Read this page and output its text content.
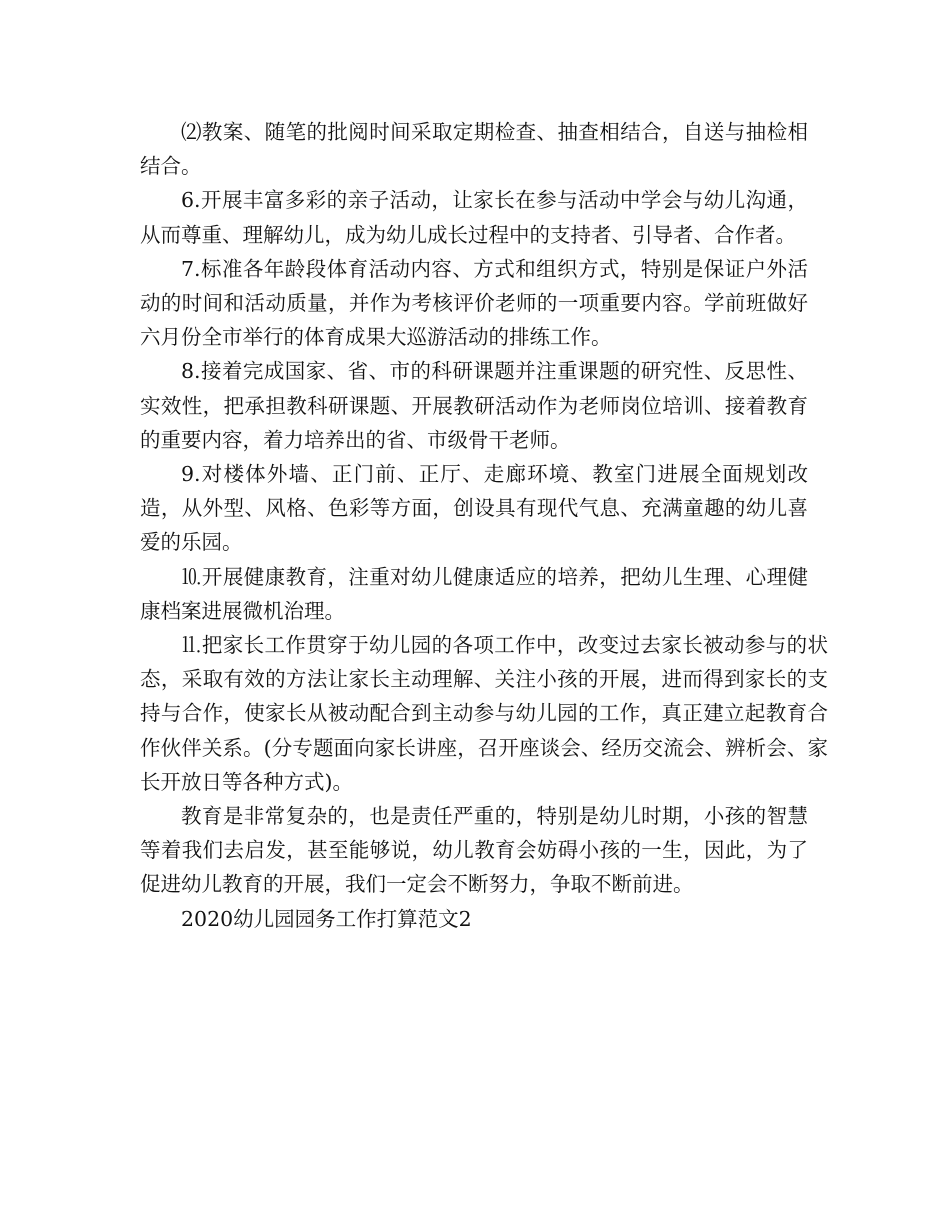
⑵教案、随笔的批阅时间采取定期检查、抽查相结合，自送与抽检相结合。

6.开展丰富多彩的亲子活动，让家长在参与活动中学会与幼儿沟通，从而尊重、理解幼儿，成为幼儿成长过程中的支持者、引导者、合作者。

7.标准各年龄段体育活动内容、方式和组织方式，特别是保证户外活动的时间和活动质量，并作为考核评价老师的一项重要内容。学前班做好六月份全市举行的体育成果大巡游活动的排练工作。

8.接着完成国家、省、市的科研课题并注重课题的研究性、反思性、实效性，把承担教科研课题、开展教研活动作为老师岗位培训、接着教育的重要内容，着力培养出的省、市级骨干老师。

9.对楼体外墙、正门前、正厅、走廊环境、教室门进展全面规划改造，从外型、风格、色彩等方面，创设具有现代气息、充满童趣的幼儿喜爱的乐园。

⒑开展健康教育，注重对幼儿健康适应的培养，把幼儿生理、心理健康档案进展微机治理。

⒒把家长工作贯穿于幼儿园的各项工作中，改变过去家长被动参与的状态，采取有效的方法让家长主动理解、关注小孩的开展，进而得到家长的支持与合作，使家长从被动配合到主动参与幼儿园的工作，真正建立起教育合作伙伴关系。(分专题面向家长讲座，召开座谈会、经历交流会、辨析会、家长开放日等各种方式)。

教育是非常复杂的，也是责任严重的，特别是幼儿时期，小孩的智慧等着我们去启发，甚至能够说，幼儿教育会妨碍小孩的一生，因此，为了促进幼儿教育的开展，我们一定会不断努力，争取不断前进。

2020幼儿园园务工作打算范文2
